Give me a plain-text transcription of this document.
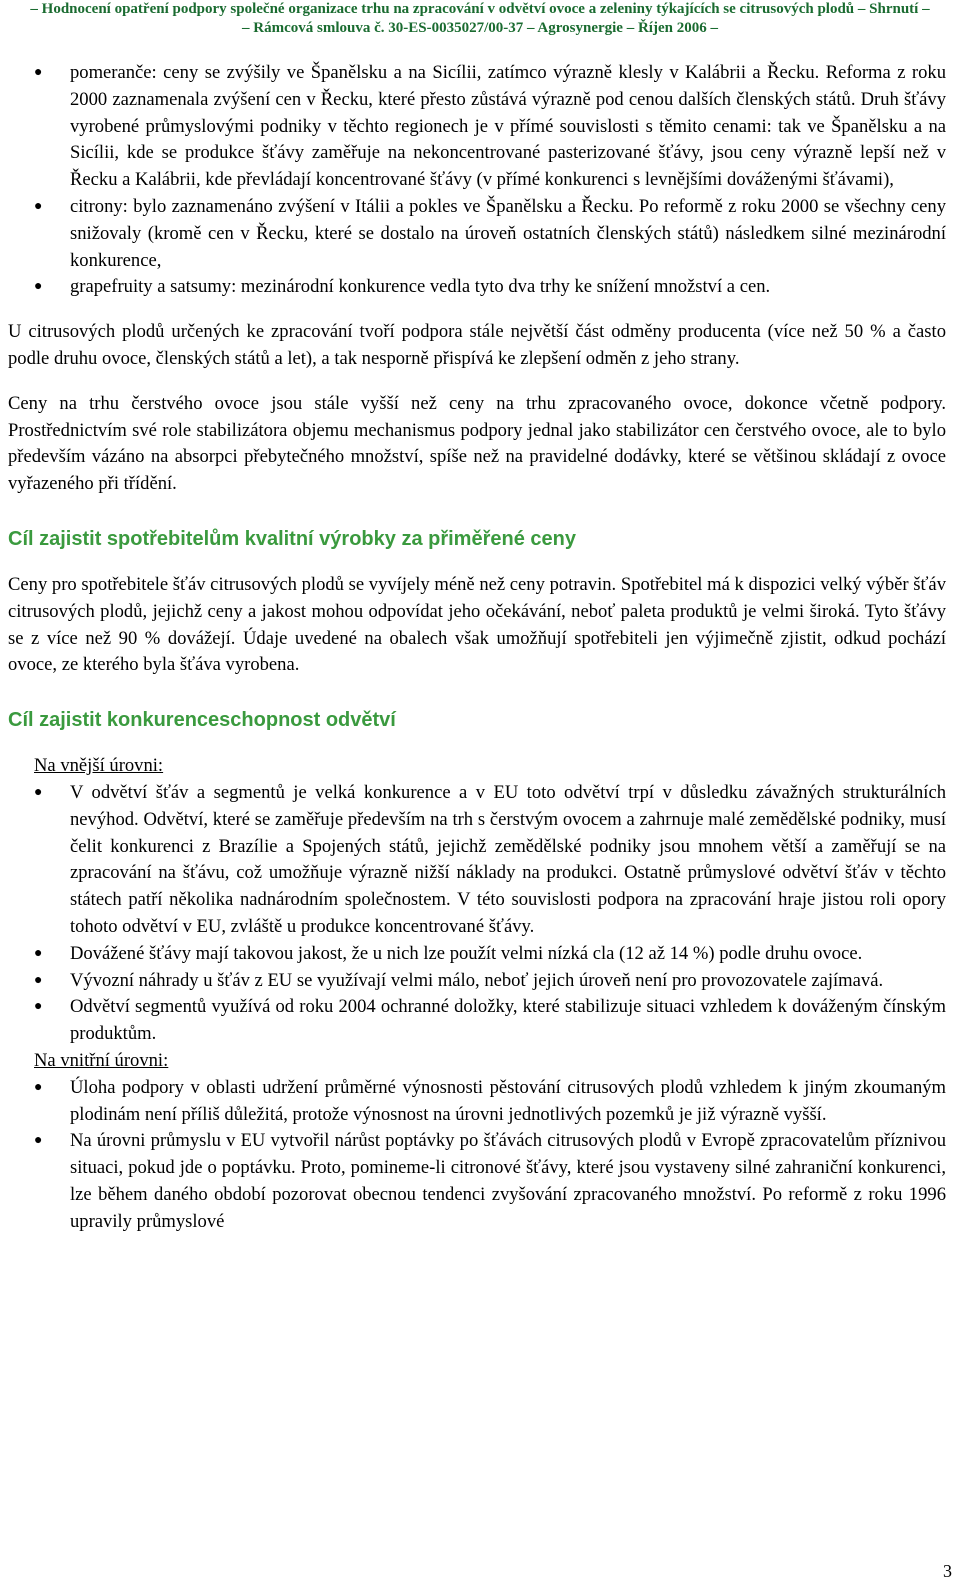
– Hodnocení opatření podpory společné organizace trhu na zpracování v odvětví ovoce a zeleniny týkajících se citrusových plodů – Shrnutí –
– Rámcová smlouva č. 30-ES-0035027/00-37 – Agrosynergie – Říjen 2006 –
● pomeranče: ceny se zvýšily ve Španělsku a na Sicílii, zatímco výrazně klesly v Kalábrii a Řecku. Reforma z roku 2000 zaznamenala zvýšení cen v Řecku, které přesto zůstává výrazně pod cenou dalších členských států. Druh šťávy vyrobené průmyslovými podniky v těchto regionech je v přímé souvislosti s těmito cenami: tak ve Španělsku a na Sicílii, kde se produkce šťávy zaměřuje na nekoncentrované pasterizované šťávy, jsou ceny výrazně lepší než v Řecku a Kalábrii, kde převládají koncentrované šťávy (v přímé konkurenci s levnějšími dováženými šťávami),
● citrony: bylo zaznamenáno zvýšení v Itálii a pokles ve Španělsku a Řecku. Po reformě z roku 2000 se všechny ceny snižovaly (kromě cen v Řecku, které se dostalo na úroveň ostatních členských států) následkem silné mezinárodní konkurence,
● grapefruity a satsumy: mezinárodní konkurence vedla tyto dva trhy ke snížení množství a cen.

U citrusových plodů určených ke zpracování tvoří podpora stále největší část odměny producenta (více než 50 % a často podle druhu ovoce, členských států a let), a tak nesporně přispívá ke zlepšení odměn z jeho strany.

Ceny na trhu čerstvého ovoce jsou stále vyšší než ceny na trhu zpracovaného ovoce, dokonce včetně podpory. Prostřednictvím své role stabilizátora objemu mechanismus podpory jednal jako stabilizátor cen čerstvého ovoce, ale to bylo především vázáno na absorpci přebytečného množství, spíše než na pravidelné dodávky, které se většinou skládají z ovoce vyřazeného při třídění.

Cíl zajistit spotřebitelům kvalitní výrobky za přiměřené ceny

Ceny pro spotřebitele šťáv citrusových plodů se vyvíjely méně než ceny potravin. Spotřebitel má k dispozici velký výběr šťáv citrusových plodů, jejichž ceny a jakost mohou odpovídat jeho očekávání, neboť paleta produktů je velmi široká. Tyto šťávy se z více než 90 % dovážejí. Údaje uvedené na obalech však umožňují spotřebiteli jen výjimečně zjistit, odkud pochází ovoce, ze kterého byla šťáva vyrobena.

Cíl zajistit konkurenceschopnost odvětví
Na vnější úrovni:
● V odvětví šťáv a segmentů je velká konkurence a v EU toto odvětví trpí v důsledku závažných strukturálních nevýhod. Odvětví, které se zaměřuje především na trh s čerstvým ovocem a zahrnuje malé zemědělské podniky, musí čelit konkurenci z Brazílie a Spojených států, jejichž zemědělské podniky jsou mnohem větší a zaměřují se na zpracování na šťávu, což umožňuje výrazně nižší náklady na produkci. Ostatně průmyslové odvětví šťáv v těchto státech patří několika nadnárodním společnostem. V této souvislosti podpora na zpracování hraje jistou roli opory tohoto odvětví v EU, zvláště u produkce koncentrované šťávy.
● Dovážené šťávy mají takovou jakost, že u nich lze použít velmi nízká cla (12 až 14 %) podle druhu ovoce.
● Vývozní náhrady u šťáv z EU se využívají velmi málo, neboť jejich úroveň není pro provozovatele zajímavá.
● Odvětví segmentů využívá od roku 2004 ochranné doložky, které stabilizuje situaci vzhledem k dováženým čínským produktům.
Na vnitřní úrovni:
● Úloha podpory v oblasti udržení průměrné výnosnosti pěstování citrusových plodů vzhledem k jiným zkoumaným plodinám není příliš důležitá, protože výnosnost na úrovni jednotlivých pozemků je již výrazně vyšší.
● Na úrovni průmyslu v EU vytvořil nárůst poptávky po šťávách citrusových plodů v Evropě zpracovatelům příznivou situaci, pokud jde o poptávku. Proto, pomineme-li citronové šťávy, které jsou vystaveny silné zahraniční konkurenci, lze během daného období pozorovat obecnou tendenci zvyšování zpracovaného množství. Po reformě z roku 1996 upravily průmyslové
3
